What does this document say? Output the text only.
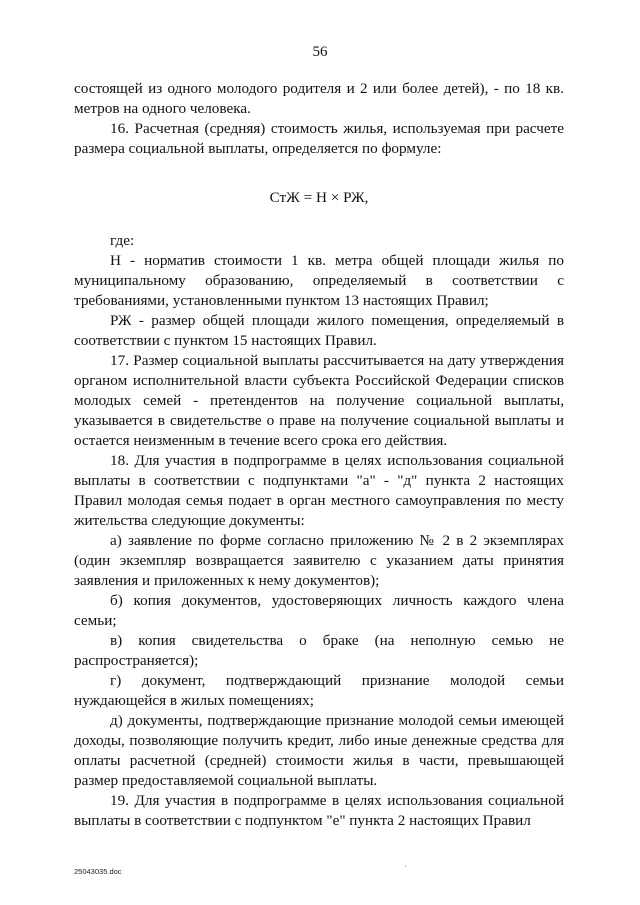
56

состоящей из одного молодого родителя и 2 или более детей), - по 18 кв. метров на одного человека.

16. Расчетная (средняя) стоимость жилья, используемая при расчете размера социальной выплаты, определяется по формуле:

СтЖ = Н × РЖ,

где:

Н - норматив стоимости 1 кв. метра общей площади жилья по муниципальному образованию, определяемый в соответствии с требованиями, установленными пунктом 13 настоящих Правил;

РЖ - размер общей площади жилого помещения, определяемый в соответствии с пунктом 15 настоящих Правил.

17. Размер социальной выплаты рассчитывается на дату утверждения органом исполнительной власти субъекта Российской Федерации списков молодых семей - претендентов на получение социальной выплаты, указывается в свидетельстве о праве на получение социальной выплаты и остается неизменным в течение всего срока его действия.

18. Для участия в подпрограмме в целях использования социальной выплаты в соответствии с подпунктами "а" - "д" пункта 2 настоящих Правил молодая семья подает в орган местного самоуправления по месту жительства следующие документы:

а) заявление по форме согласно приложению № 2 в 2 экземплярах (один экземпляр возвращается заявителю с указанием даты принятия заявления и приложенных к нему документов);

б) копия документов, удостоверяющих личность каждого члена семьи;

в) копия свидетельства о браке (на неполную семью не распространяется);

г) документ, подтверждающий признание молодой семьи нуждающейся в жилых помещениях;

д) документы, подтверждающие признание молодой семьи имеющей доходы, позволяющие получить кредит, либо иные денежные средства для оплаты расчетной (средней) стоимости жилья в части, превышающей размер предоставляемой социальной выплаты.

19. Для участия в подпрограмме в целях использования социальной выплаты в соответствии с подпунктом "е" пункта 2 настоящих Правил

25043035.doc
·
